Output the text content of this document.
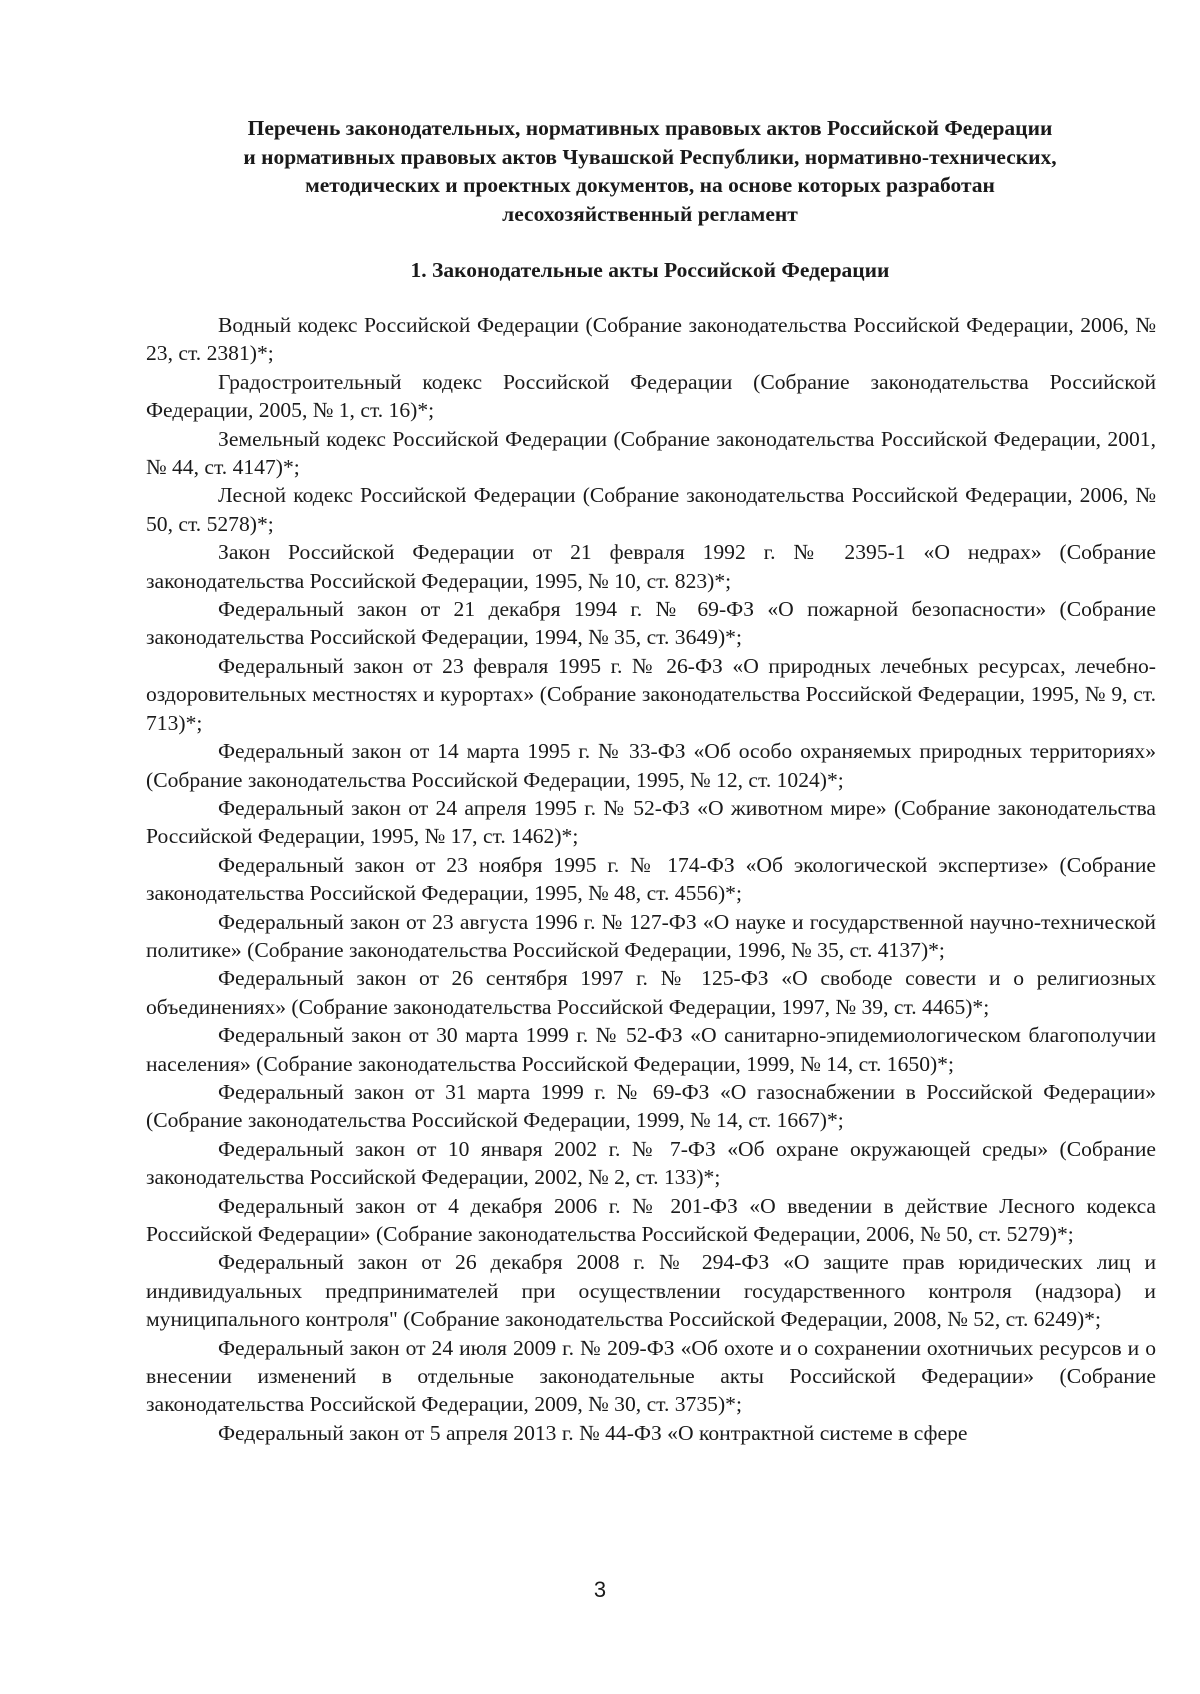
Перечень законодательных, нормативных правовых актов Российской Федерации
и нормативных правовых актов Чувашской Республики, нормативно-технических,
методических и проектных документов, на основе которых разработан
лесохозяйственный регламент
1. Законодательные акты Российской Федерации

Водный кодекс Российской Федерации (Собрание законодательства Российской Федерации, 2006, № 23, ст. 2381)*;

Градостроительный кодекс Российской Федерации (Собрание законодательства Российской Федерации, 2005, № 1, ст. 16)*;

Земельный кодекс Российской Федерации (Собрание законодательства Российской Федерации, 2001, № 44, ст. 4147)*;

Лесной кодекс Российской Федерации (Собрание законодательства Российской Федерации, 2006, № 50, ст. 5278)*;

Закон Российской Федерации от 21 февраля 1992 г. № 2395-1 «О недрах» (Собрание законодательства Российской Федерации, 1995, № 10, ст. 823)*;

Федеральный закон от 21 декабря 1994 г. № 69-ФЗ «О пожарной безопасности» (Собрание законодательства Российской Федерации, 1994, № 35, ст. 3649)*;

Федеральный закон от 23 февраля 1995 г. № 26-ФЗ «О природных лечебных ресурсах, лечебно-оздоровительных местностях и курортах» (Собрание законодательства Российской Федерации, 1995, № 9, ст. 713)*;

Федеральный закон от 14 марта 1995 г. № 33-ФЗ «Об особо охраняемых природных территориях» (Собрание законодательства Российской Федерации, 1995, № 12, ст. 1024)*;

Федеральный закон от 24 апреля 1995 г. № 52-ФЗ «О животном мире» (Собрание законодательства Российской Федерации, 1995, № 17, ст. 1462)*;

Федеральный закон от 23 ноября 1995 г. № 174-ФЗ «Об экологической экспертизе» (Собрание законодательства Российской Федерации, 1995, № 48, ст. 4556)*;

Федеральный закон от 23 августа 1996 г. № 127-ФЗ «О науке и государственной научно-технической политике» (Собрание законодательства Российской Федерации, 1996, № 35, ст. 4137)*;

Федеральный закон от 26 сентября 1997 г. № 125-ФЗ «О свободе совести и о религиозных объединениях» (Собрание законодательства Российской Федерации, 1997, № 39, ст. 4465)*;

Федеральный закон от 30 марта 1999 г. № 52-ФЗ «О санитарно-эпидемиологическом благополучии населения» (Собрание законодательства Российской Федерации, 1999, № 14, ст. 1650)*;

Федеральный закон от 31 марта 1999 г. № 69-ФЗ «О газоснабжении в Российской Федерации» (Собрание законодательства Российской Федерации, 1999, № 14, ст. 1667)*;

Федеральный закон от 10 января 2002 г. № 7-ФЗ «Об охране окружающей среды» (Собрание законодательства Российской Федерации, 2002, № 2, ст. 133)*;

Федеральный закон от 4 декабря 2006 г. № 201-ФЗ «О введении в действие Лесного кодекса Российской Федерации» (Собрание законодательства Российской Федерации, 2006, № 50, ст. 5279)*;

Федеральный закон от 26 декабря 2008 г. № 294-ФЗ «О защите прав юридических лиц и индивидуальных предпринимателей при осуществлении государственного контроля (надзора) и муниципального контроля" (Собрание законодательства Российской Федерации, 2008, № 52, ст. 6249)*;

Федеральный закон от 24 июля 2009 г. № 209-ФЗ «Об охоте и о сохранении охотничьих ресурсов и о внесении изменений в отдельные законодательные акты Российской Федерации» (Собрание законодательства Российской Федерации, 2009, № 30, ст. 3735)*;

Федеральный закон от 5 апреля 2013 г. № 44-ФЗ «О контрактной системе в сфере

3
